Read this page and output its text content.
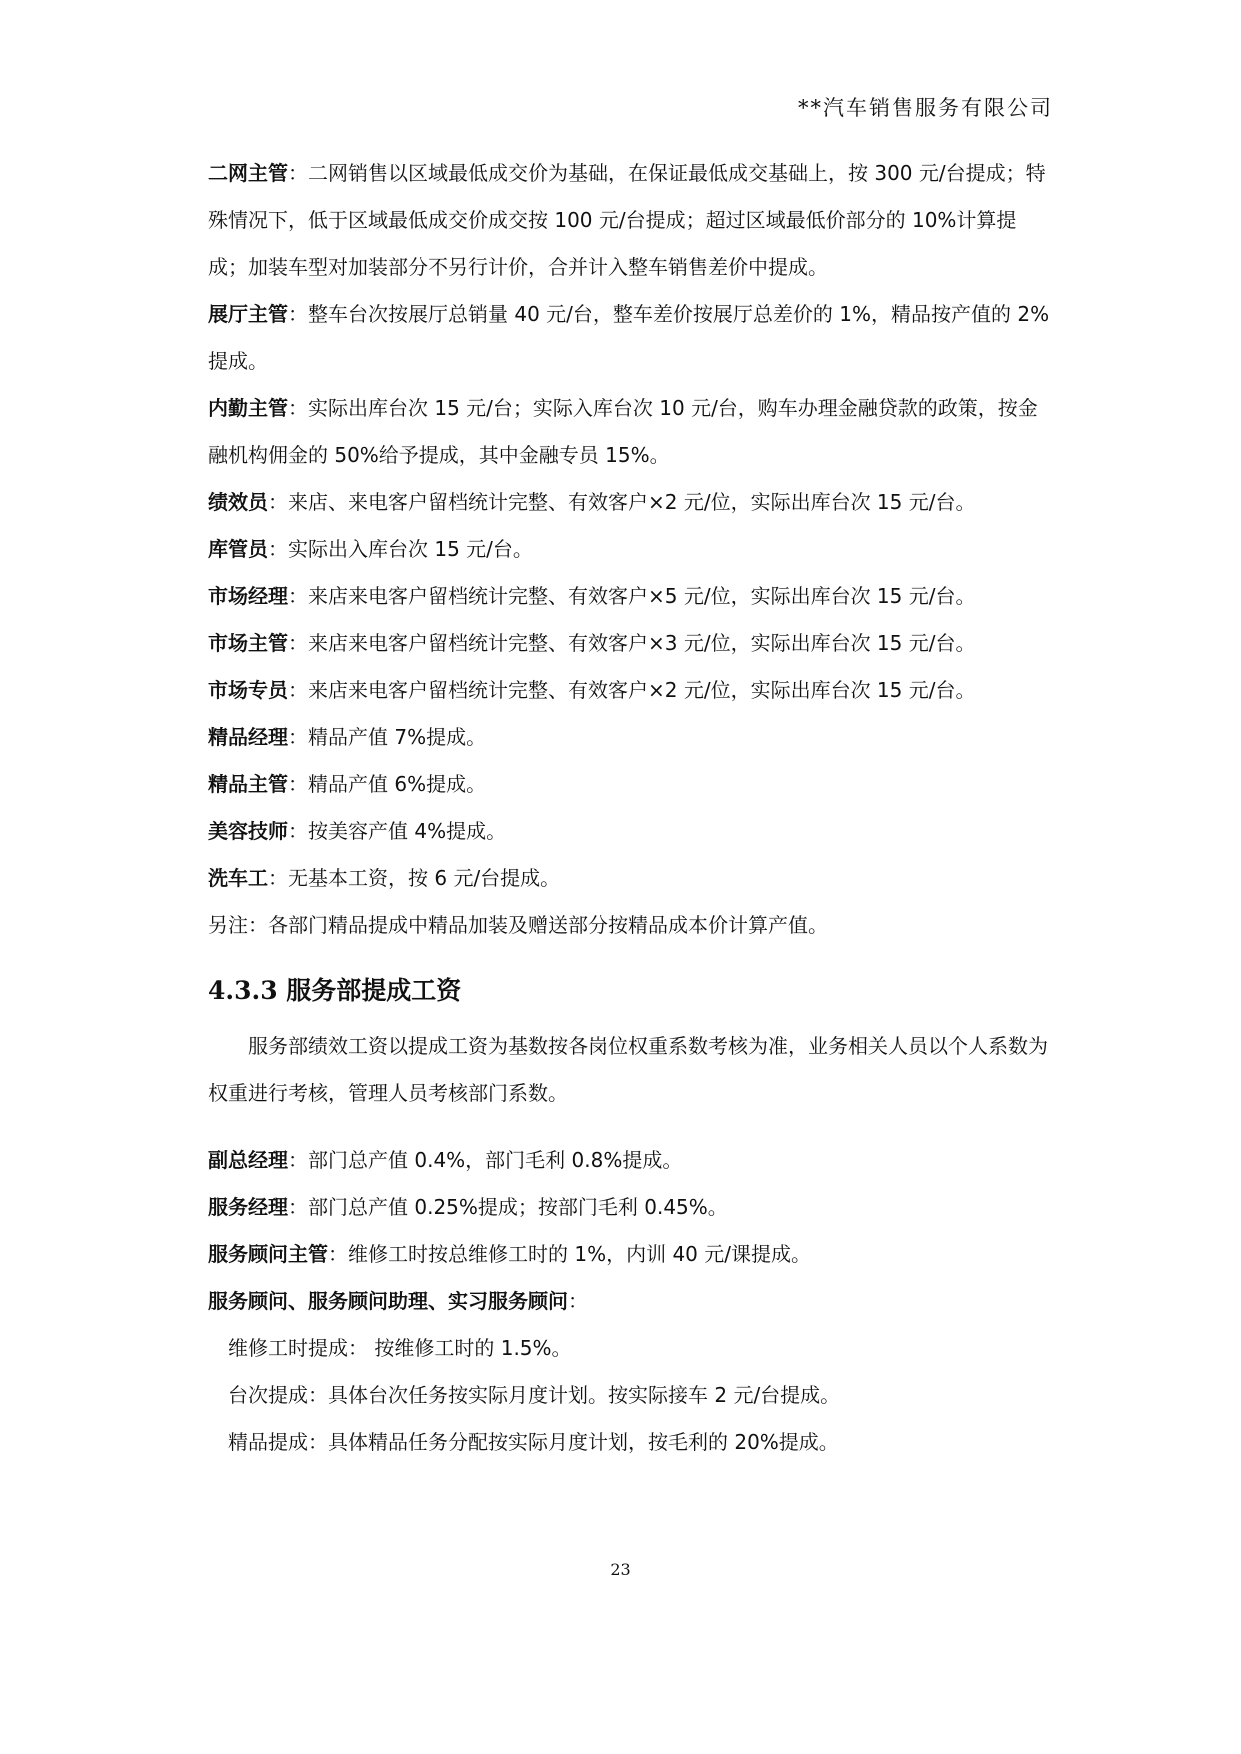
**汽车销售服务有限公司

二网主管：二网销售以区域最低成交价为基础，在保证最低成交基础上，按 300 元/台提成；特殊情况下，低于区域最低成交价成交按 100 元/台提成；超过区域最低价部分的 10%计算提成；加装车型对加装部分不另行计价，合并计入整车销售差价中提成。

展厅主管：整车台次按展厅总销量 40 元/台，整车差价按展厅总差价的 1%，精品按产值的 2% 提成。

内勤主管：实际出库台次 15 元/台；实际入库台次 10 元/台，购车办理金融贷款的政策，按金融机构佣金的 50%给予提成，其中金融专员 15%。

绩效员：来店、来电客户留档统计完整、有效客户×2 元/位，实际出库台次 15 元/台。

库管员：实际出入库台次 15 元/台。

市场经理：来店来电客户留档统计完整、有效客户×5 元/位，实际出库台次 15 元/台。

市场主管：来店来电客户留档统计完整、有效客户×3 元/位，实际出库台次 15 元/台。

市场专员：来店来电客户留档统计完整、有效客户×2 元/位，实际出库台次 15 元/台。

精品经理：精品产值 7%提成。

精品主管：精品产值 6%提成。

美容技师：按美容产值 4%提成。

洗车工：无基本工资，按 6 元/台提成。

另注：各部门精品提成中精品加装及赠送部分按精品成本价计算产值。

4.3.3 服务部提成工资

服务部绩效工资以提成工资为基数按各岗位权重系数考核为准，业务相关人员以个人系数为权重进行考核，管理人员考核部门系数。

副总经理：部门总产值 0.4%，部门毛利 0.8%提成。

服务经理：部门总产值 0.25%提成；按部门毛利 0.45%。

服务顾问主管：维修工时按总维修工时的 1%，内训 40 元/课提成。

服务顾问、服务顾问助理、实习服务顾问：

维修工时提成： 按维修工时的 1.5%。

台次提成：具体台次任务按实际月度计划。按实际接车 2 元/台提成。

精品提成：具体精品任务分配按实际月度计划，按毛利的 20%提成。

23
